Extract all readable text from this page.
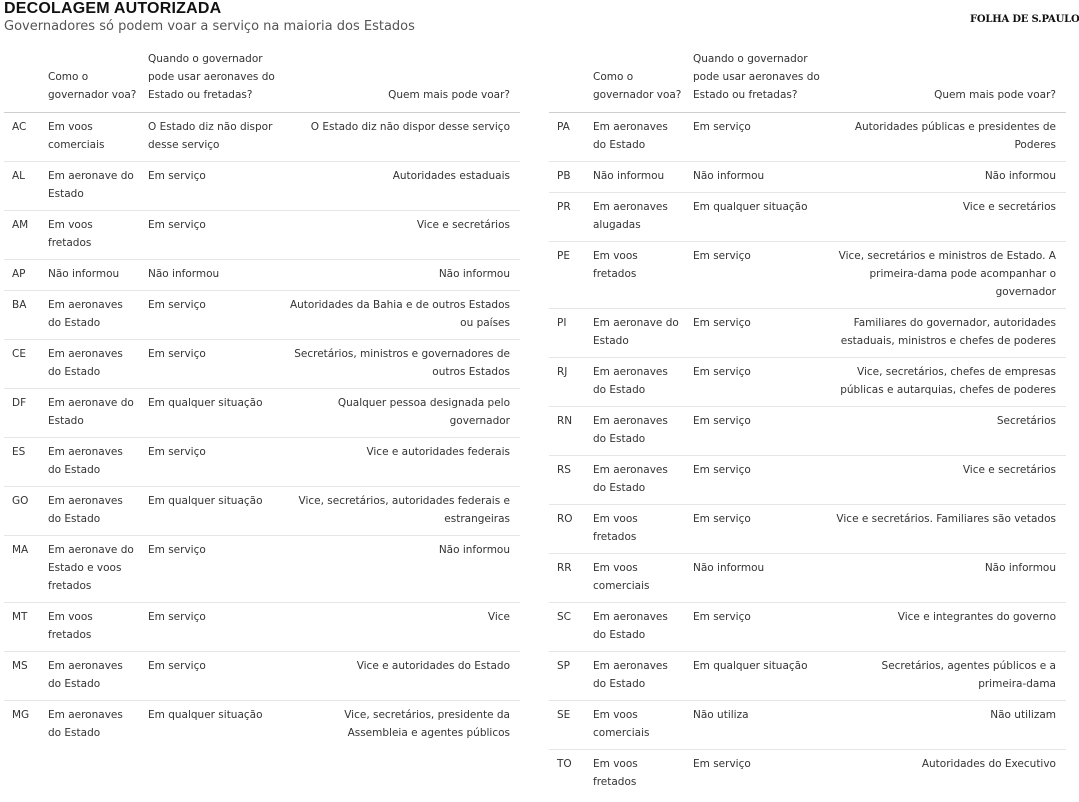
DECOLAGEM AUTORIZADA

Governadores só podem voar a serviço na maioria dos Estados	FOLHA DE S.PAULO
	Como o governador voa?	Quando o governador pode usar aeronaves do Estado ou fretadas?	Quem mais pode voar?
AC	Em voos comerciais	O Estado diz não dispor desse serviço	O Estado diz não dispor desse serviço
AL	Em aeronave do Estado	Em serviço	Autoridades estaduais
AM	Em voos fretados	Em serviço	Vice e secretários
AP	Não informou	Não informou	Não informou
BA	Em aeronaves do Estado	Em serviço	Autoridades da Bahia e de outros Estados ou países
CE	Em aeronaves do Estado	Em serviço	Secretários, ministros e governadores de outros Estados
DF	Em aeronave do Estado	Em qualquer situação	Qualquer pessoa designada pelo governador
ES	Em aeronaves do Estado	Em serviço	Vice e autoridades federais
GO	Em aeronaves do Estado	Em qualquer situação	Vice, secretários, autoridades federais e estrangeiras
MA	Em aeronave do Estado e voos fretados	Em serviço	Não informou
MT	Em voos fretados	Em serviço	Vice
MS	Em aeronaves do Estado	Em serviço	Vice e autoridades do Estado
MG	Em aeronaves do Estado	Em qualquer situação	Vice, secretários, presidente da Assembleia e agentes públicos
	Como o governador voa?	Quando o governador pode usar aeronaves do Estado ou fretadas?	Quem mais pode voar?
PA	Em aeronaves do Estado	Em serviço	Autoridades públicas e presidentes de Poderes
PB	Não informou	Não informou	Não informou
PR	Em aeronaves alugadas	Em qualquer situação	Vice e secretários
PE	Em voos fretados	Em serviço	Vice, secretários e ministros de Estado. A primeira-dama pode acompanhar o governador
PI	Em aeronave do Estado	Em serviço	Familiares do governador, autoridades estaduais, ministros e chefes de poderes
RJ	Em aeronaves do Estado	Em serviço	Vice, secretários, chefes de empresas públicas e autarquias, chefes de poderes
RN	Em aeronaves do Estado	Em serviço	Secretários
RS	Em aeronaves do Estado	Em serviço	Vice e secretários
RO	Em voos fretados	Em serviço	Vice e secretários. Familiares são vetados
RR	Em voos comerciais	Não informou	Não informou
SC	Em aeronaves do Estado	Em serviço	Vice e integrantes do governo
SP	Em aeronaves do Estado	Em qualquer situação	Secretários, agentes públicos e a primeira-dama
SE	Em voos comerciais	Não utiliza	Não utilizam
TO	Em voos fretados	Em serviço	Autoridades do Executivo
